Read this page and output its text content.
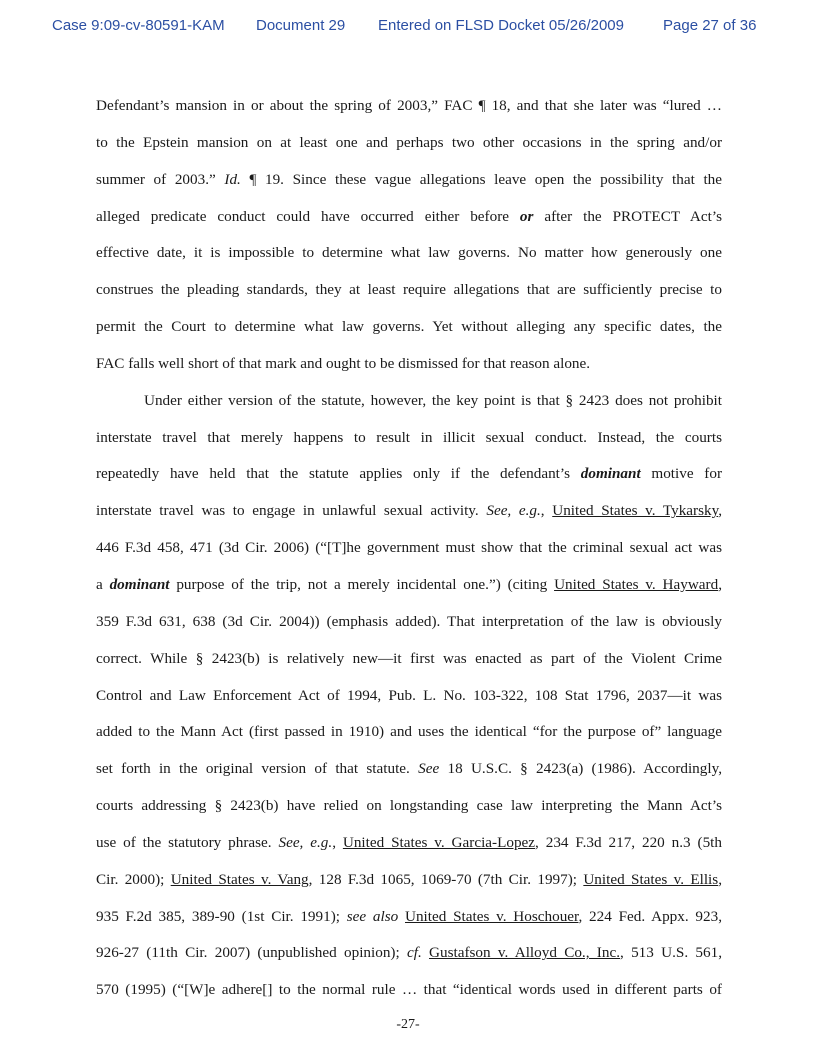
Case 9:09-cv-80591-KAM Document 29 Entered on FLSD Docket 05/26/2009	Page 27 of 36
Defendant’s mansion in or about the spring of 2003,” FAC ¶ 18, and that she later was “lured …
to the Epstein mansion on at least one and perhaps two other occasions in the spring and/or
summer of 2003.” Id. ¶ 19. Since these vague allegations leave open the possibility that the
alleged predicate conduct could have occurred either before or after the PROTECT Act’s
effective date, it is impossible to determine what law governs. No matter how generously one
construes the pleading standards, they at least require allegations that are sufficiently precise to
permit the Court to determine what law governs. Yet without alleging any specific dates, the
FAC falls well short of that mark and ought to be dismissed for that reason alone.
Under either version of the statute, however, the key point is that § 2423 does not prohibit
interstate travel that merely happens to result in illicit sexual conduct. Instead, the courts
repeatedly have held that the statute applies only if the defendant’s dominant motive for
interstate travel was to engage in unlawful sexual activity. See, e.g., United States v. Tykarsky,
446 F.3d 458, 471 (3d Cir. 2006) (“[T]he government must show that the criminal sexual act was
a dominant purpose of the trip, not a merely incidental one.”) (citing United States v. Hayward,
359 F.3d 631, 638 (3d Cir. 2004)) (emphasis added). That interpretation of the law is obviously
correct. While § 2423(b) is relatively new—it first was enacted as part of the Violent Crime
Control and Law Enforcement Act of 1994, Pub. L. No. 103-322, 108 Stat 1796, 2037—it was
added to the Mann Act (first passed in 1910) and uses the identical “for the purpose of” language
set forth in the original version of that statute. See 18 U.S.C. § 2423(a) (1986). Accordingly,
courts addressing § 2423(b) have relied on longstanding case law interpreting the Mann Act’s
use of the statutory phrase. See, e.g., United States v. Garcia-Lopez, 234 F.3d 217, 220 n.3 (5th
Cir. 2000); United States v. Vang, 128 F.3d 1065, 1069-70 (7th Cir. 1997); United States v. Ellis,
935 F.2d 385, 389-90 (1st Cir. 1991); see also United States v. Hoschouer, 224 Fed. Appx. 923,
926-27 (11th Cir. 2007) (unpublished opinion); cf. Gustafson v. Alloyd Co., Inc., 513 U.S. 561,
570 (1995) (“[W]e adhere[] to the normal rule … that “identical words used in different parts of
-27-
